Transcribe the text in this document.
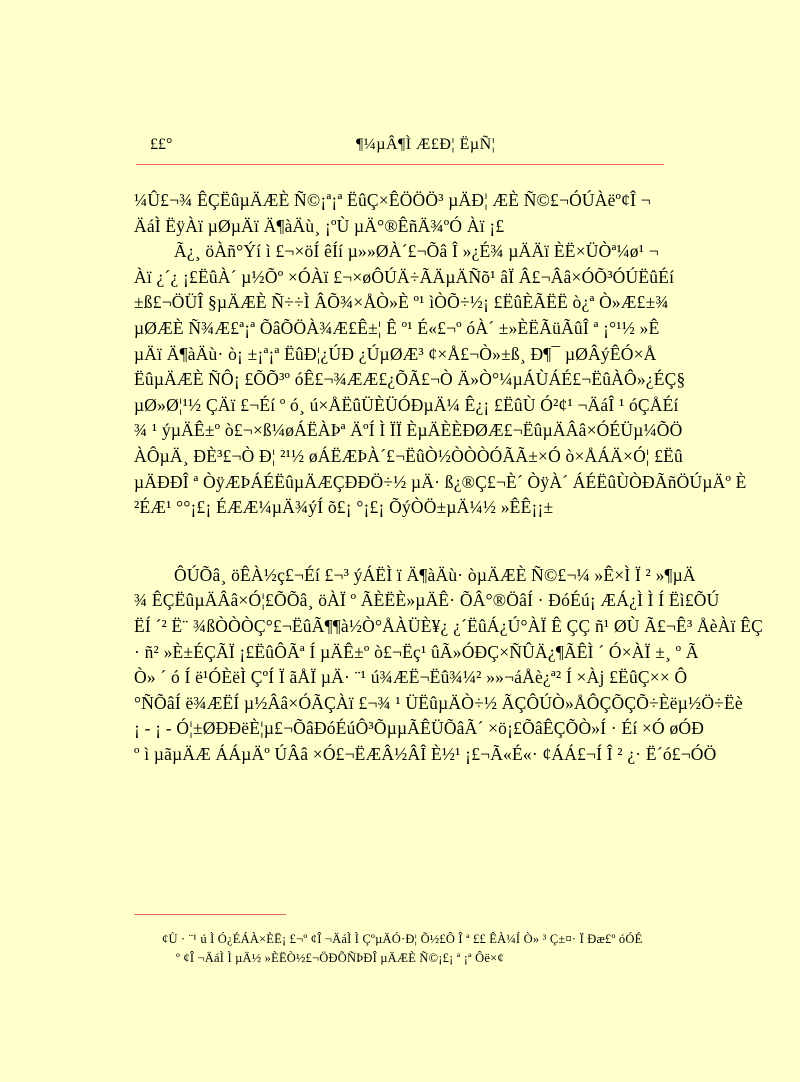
££°	¶¼µÂ¶Ì Æ£Ð¦ ËµÑ¦
¼Û£¬¾ ÊÇËûµÄÆÈ Ñ©¡ª¡ª ËûÇ×ÊÖÖÖ³ µÄÐ¦ ÆÈ Ñ©£¬ÓÚÀëº¢Î ¬
ÄáÌ ËÿÀï µØµÄï Ä¶àÄù¸ ¡ºÙ µÄ°®ÊñÄ¾ºÓ Àï ¡£
Ã¿¸ öÀñ°Ýí ì £¬×öÍ êÍí µ»»ØÀ´£¬Õâ Î »¿É¾ µÄÄï ÈË×ÜÒª¼ø¹ ¬
Àï ¿´¿ ¡£ËûÀ´ µ½Õº ×ÓÀï £¬×øÔÚÄ÷ÃÄµÄÑõ¹ âÏ Â£¬Ââ×ÓÕ³ÓÚËûÉí
±ß£¬ÖÜÎ §µÄÆÈ Ñ÷÷Ì ÂÕ¾×ÅÒ»È º¹ ìÒÕ÷½¡ £ËûÈÃËË ò¿ª Ò»Æ£±¾
µØÆÈ Ñ¾Æ£ª¡ª ÕâÕÖÀ¾Æ£Ê±¦ Ê º¹ É«£¬º óÀ´ ±»ÈËÃüÃûÎ ª ¡°¹½ »Ê
µÄï Ä¶àÄù· ò¡ ±¡ª¡ª ËûÐ¦¿ÚÐ ¿ÚµØÆ³ ¢×Å£¬Ò»±ß¸ Ð¶¯ µØÂýÊÓ×Å
ËûµÄÆÈ ÑÔ¡ £ÕÕ³º óÊ£¬¾ÆÆ£¿ÕÃ£¬Ò Ä»Ò°¼µÁÙÁÉ£¬ËûÀÔ»¿ÉÇ§
µØ»Ø¦¹½ ÇÄï £¬Éí º ó¸ ú×ÅËûÜÈÜÓÐµÄ¼ Ê¿¡ £ËûÙ Ó²¢¹ ¬ÄáÎ ¹ óÇÅÉí
¾ ¹ ýµÄÊ±º ò£¬×ß¼øÁËÀÞª ÄºÍ Ì ÏÏ ÈµÄÈÈÐØÆ£¬ËûµÄÂâ×ÓÉÜµ¼ÕÖ
ÀÔµÄ¸ ÐÈ³£¬Ò Ð¦ ²¹½ øÁËÆÞÀ´£¬ËûÒ½ÒÒÒÓÃÃ±×Ó ò×ÅÁÄ×Ó¦ £Ëû
µÄÐÐÎ ª ÒÿÆÞÁÉËûµÄÆÇÐÐÖ÷½ µÄ· ß¿®Ç£¬È´ ÒÿÀ´ ÁÉËûÙÒÐÃñÖÚµÄº È
²ÉÆ¹ °°¡£¡ ÉÆÆ¼µÄ¾ýÍ õ£¡ °¡£¡ ÕýÒÖ±µÄ¼½ »ÊÊ¡¡±
ÔÚÕâ¸ öÊÀ½ç£¬Éí £¬³ ýÁËÌ ï Ä¶àÄù· òµÄÆÈ Ñ©£¬¼ »Ê×Ì Ï ² »¶µÄ
¾ ÊÇËûµÄÂâ×Ó¦£ÕÕâ¸ öÀÏ º ÃÈËÈ»µÄÊ· ÕÂ°®ÖâÍ · ÐóÉú¡ ÆÁ¿Ì Ì Í Ëì£ÕÚ
ËÍ ´² Ë¨ ¾ßÒÒÒÇ°£¬ËûÃ¶¶à½Ò°ÅÀÜÈ¥¿ ¿´ËûÁ¿Ú°ÀÏ Ê ÇÇ ñ¹ ØÙ Ã£¬Ê³ ÅèÀï ÊÇ
· ñ² »È±ÉÇÃÏ ¡£ËûÔÃª Í µÄÊ±º ò£¬Ëç¹ ûÃ»ÓÐÇ×ÑÛÄ¿¶ÃÊÌ ´ Ó×ÀÏ ±¸ º Ã
Ò» ´ ó Í ë¹ÓÈëÌ ÇºÍ Ï ãÅÏ µÄ· ¨¹ ú¾ÆË¬Ëû¾¼² »»¬áÅè¿ª² Í ×Àj £ËûÇ×× Ô
°ÑÕâÍ ë¾ÆËÍ µ½Ââ×ÓÃÇÀï £¬¾ ¹ ÜËûµÄÒ÷½ ÃÇÔÚÒ»ÅÔÇÕÇÕ÷Èëµ½Ö÷Ëè
¡ - ¡ - Ó¦±ØÐÐëÈ¦µ£¬ÕâÐóÉúÔ³ÕµµÃÊÜÕâÃ´ ×ö¡£ÕâÊÇÕÒ»Í · Éí ×Ó øÓÐ
º ì µãµÄÆ ÁÁµÄº ÚÂâ ×Ó£¬ËÆÂ½ÂÎ È½¹ ¡£¬Ã«É«· ¢ÁÁ£¬Í Î ² ¿· Ë´ó£¬ÓÖ
¢Ù · ¨¹ ú Ì Ó¿ÉÁÀ×ÈË¡ £¬º ¢Î ¬ÄáÌ Ì ÇºµÄÓ·Ð¦ Õ½£Ô Î ª ££ ÊÀ¼Í Ò» ³ Ç±¤· Ï Ðæ£º óÓÉ
º ¢Î ¬ÄáÌ Ì µÄ½ »ÈËÒ½£¬ÖÐÕÑÞÐÎ µÄÆÈ Ñ©¡£¡ ª ¡ª Ôë×¢
